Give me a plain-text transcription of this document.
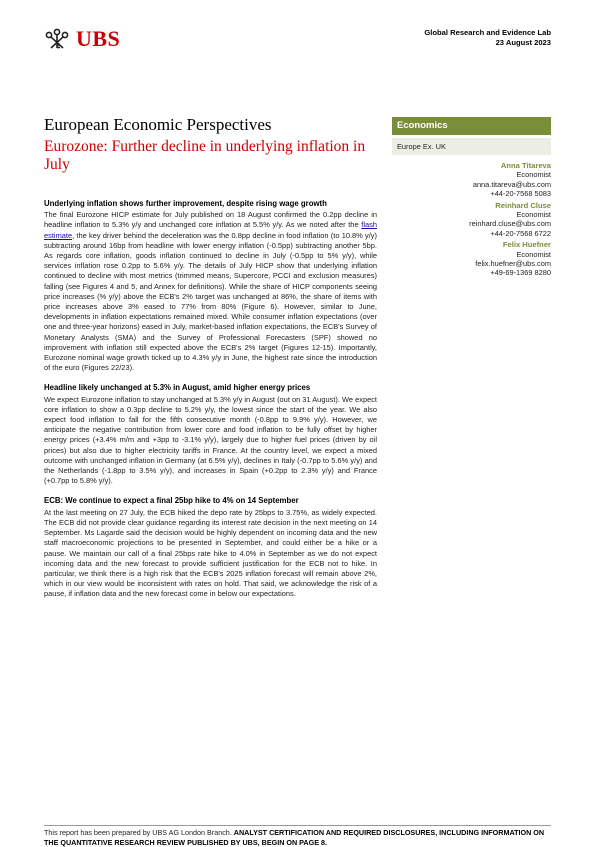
UBS	Global Research and Evidence Lab
23 August 2023
European Economic Perspectives
Eurozone: Further decline in underlying inflation in July
Economics
Europe Ex. UK
Anna Titareva
Economist
anna.titareva@ubs.com
+44-20-7568 5083
Reinhard Cluse
Economist
reinhard.cluse@ubs.com
+44-20-7568 6722
Felix Huefner
Economist
felix.huefner@ubs.com
+49-69-1369 8280
Underlying inflation shows further improvement, despite rising wage growth

The final Eurozone HICP estimate for July published on 18 August confirmed the 0.2pp decline in headline inflation to 5.3% y/y and unchanged core inflation at 5.5% y/y. As we noted after the flash estimate, the key driver behind the deceleration was the 0.8pp decline in food inflation (to 10.8% y/y) subtracting around 16bp from headline with lower energy inflation (-0.5pp) subtracting another 5bp. As regards core inflation, goods inflation continued to decline in July (-0.5pp to 5% y/y), while services inflation rose 0.2pp to 5.6% y/y. The details of July HICP show that underlying inflation continued to decline with most metrics (trimmed means, Supercore, PCCI and exclusion measures) falling (see Figures 4 and 5, and Annex for definitions). While the share of HICP components seeing price increases (% y/y) above the ECB's 2% target was unchanged at 86%, the share of items with price increases above 3% eased to 77% from 80% (Figure 6). However, similar to June, developments in inflation expectations remained mixed. While consumer inflation expectations (over one and three-year horizons) eased in July, market-based inflation expectations, the ECB's Survey of Monetary Analysts (SMA) and the Survey of Professional Forecasters (SPF) showed no improvement with inflation still expected above the ECB's 2% target (Figures 12-15). Importantly, Eurozone nominal wage growth ticked up to 4.3% y/y in June, the highest rate since the introduction of the euro (Figures 22/23).

Headline likely unchanged at 5.3% in August, amid higher energy prices

We expect Eurozone inflation to stay unchanged at 5.3% y/y in August (out on 31 August). We expect core inflation to show a 0.3pp decline to 5.2% y/y, the lowest since the start of the year. We also expect food inflation to fall for the fifth consecutive month (-0.8pp to 9.9% y/y). However, we anticipate the negative contribution from lower core and food inflation to be fully offset by higher energy prices (+3.4% m/m and +3pp to -3.1% y/y), largely due to higher fuel prices (driven by oil prices) but also due to higher electricity tariffs in France. At the country level, we expect a mixed outcome with unchanged inflation in Germany (at 6.5% y/y), declines in Italy (-0.7pp to 5.6% y/y) and the Netherlands (-1.8pp to 3.5% y/y), and increases in Spain (+0.2pp to 2.3% y/y) and France (+0.7pp to 5.8% y/y).

ECB: We continue to expect a final 25bp hike to 4% on 14 September

At the last meeting on 27 July, the ECB hiked the depo rate by 25bps to 3.75%, as widely expected. The ECB did not provide clear guidance regarding its interest rate decision in the next meeting on 14 September. Ms Lagarde said the decision would be highly dependent on incoming data and the new staff macroeconomic projections to be presented in September, and could either be a hike or a pause. We maintain our call of a final 25bps rate hike to 4.0% in September as we do not expect incoming data and the new forecast to provide sufficient justification for the ECB not to hike. In particular, we think there is a high risk that the ECB's 2025 inflation forecast will remain above 2%, which in our view would be inconsistent with rates on hold. That said, we acknowledge the risk of a pause, if inflation data and the new forecast come in below our expectations.

This report has been prepared by UBS AG London Branch. ANALYST CERTIFICATION AND REQUIRED DISCLOSURES, INCLUDING INFORMATION ON THE QUANTITATIVE RESEARCH REVIEW PUBLISHED BY UBS, BEGIN ON PAGE 8.
